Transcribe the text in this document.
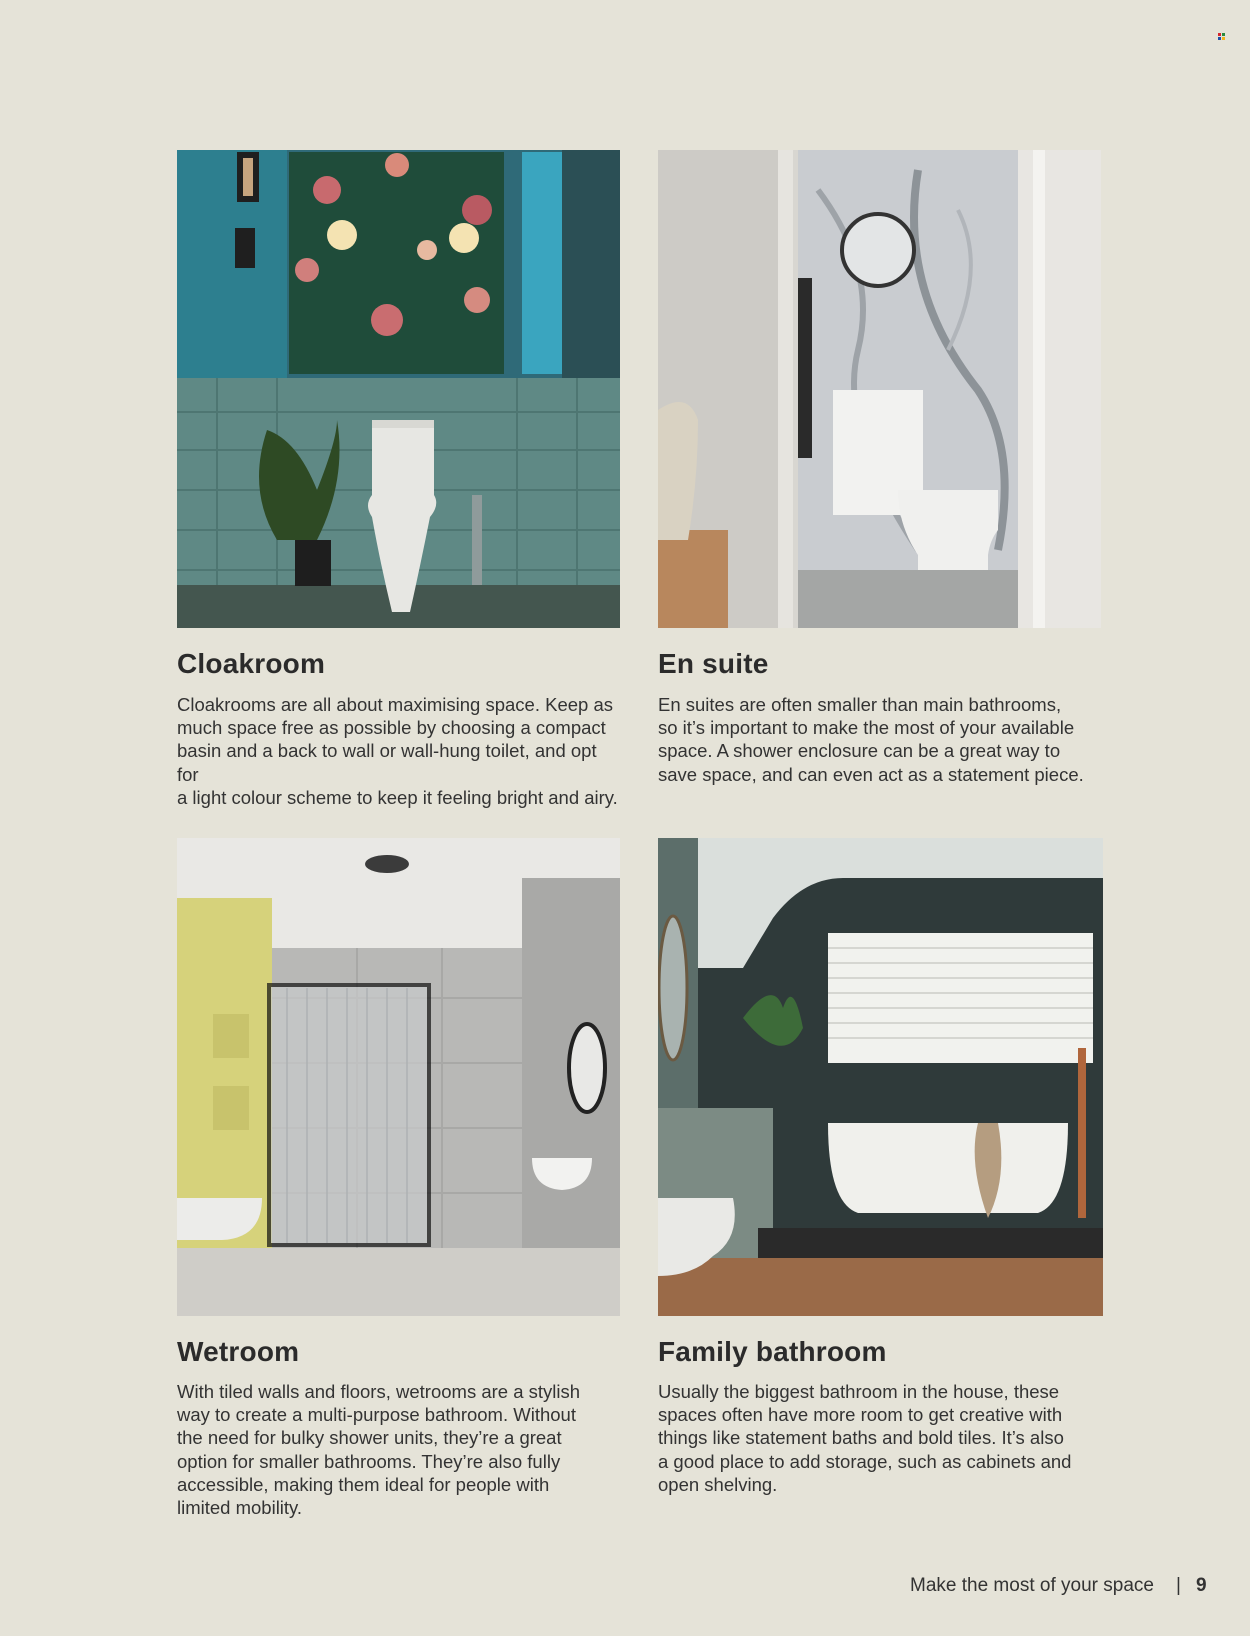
Cloakroom
Cloakrooms are all about maximising space. Keep as
much space free as possible by choosing a compact
basin and a back to wall or wall-hung toilet, and opt for
a light colour scheme to keep it feeling bright and airy.
En suite
En suites are often smaller than main bathrooms,
so it’s important to make the most of your available
space. A shower enclosure can be a great way to
save space, and can even act as a statement piece.
Wetroom
With tiled walls and floors, wetrooms are a stylish
way to create a multi-purpose bathroom. Without
the need for bulky shower units, they’re a great
option for smaller bathrooms. They’re also fully
accessible, making them ideal for people with
limited mobility.
Family bathroom
Usually the biggest bathroom in the house, these
spaces often have more room to get creative with
things like statement baths and bold tiles. It’s also
a good place to add storage, such as cabinets and
open shelving.
Make the most of your space | 9
